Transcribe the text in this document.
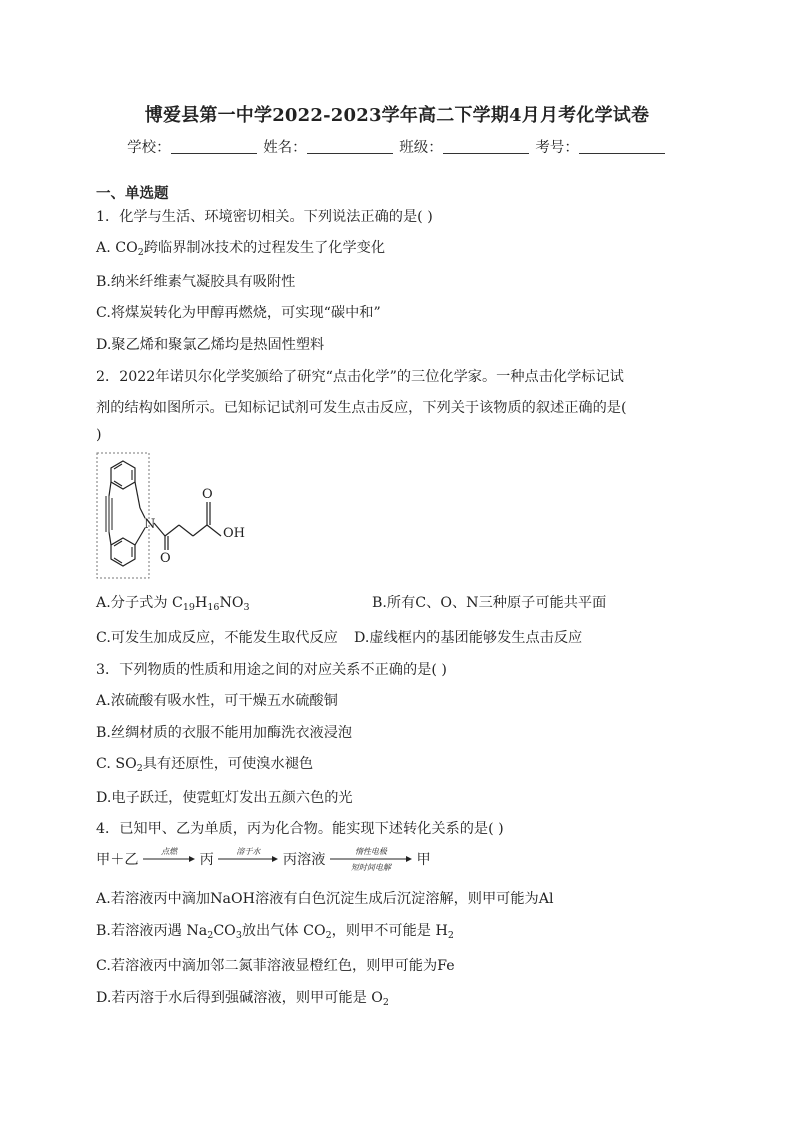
博爱县第一中学2022-2023学年高二下学期4月月考化学试卷
学校：	姓名：	班级：	考号：
一、单选题
1．化学与生活、环境密切相关。下列说法正确的是( )
A. $CO_2$跨临界制冰技术的过程发生了化学变化
B.纳米纤维素气凝胶具有吸附性
C.将煤炭转化为甲醇再燃烧，可实现“碳中和”
D.聚乙烯和聚氯乙烯均是热固性塑料
2．2022年诺贝尔化学奖颁给了研究“点击化学”的三位化学家。一种点击化学标记试
剂的结构如图所示。已知标记试剂可发生点击反应，下列关于该物质的叙述正确的是(
)
N
O
O
OH
A.分子式为 $C_{19}H_{16}NO_3$	B.所有C、O、N三种原子可能共平面
C.可发生加成反应，不能发生取代反应 D.虚线框内的基团能够发生点击反应
3．下列物质的性质和用途之间的对应关系不正确的是( )
A.浓硫酸有吸水性，可干燥五水硫酸铜
B.丝绸材质的衣服不能用加酶洗衣液浸泡
C. $SO_2$具有还原性，可使溴水褪色
D.电子跃迁，使霓虹灯发出五颜六色的光
4．已知甲、乙为单质，丙为化合物。能实现下述转化关系的是( )
甲＋乙
点燃
丙
溶于水
丙溶液
惰性电极
短时间电解	甲
A.若溶液丙中滴加NaOH溶液有白色沉淀生成后沉淀溶解，则甲可能为Al
B.若溶液丙遇 $Na_2CO_3$放出气体 $CO_2$，则甲不可能是 $H_2$
C.若溶液丙中滴加邻二氮菲溶液显橙红色，则甲可能为Fe
D.若丙溶于水后得到强碱溶液，则甲可能是 $O_2$
